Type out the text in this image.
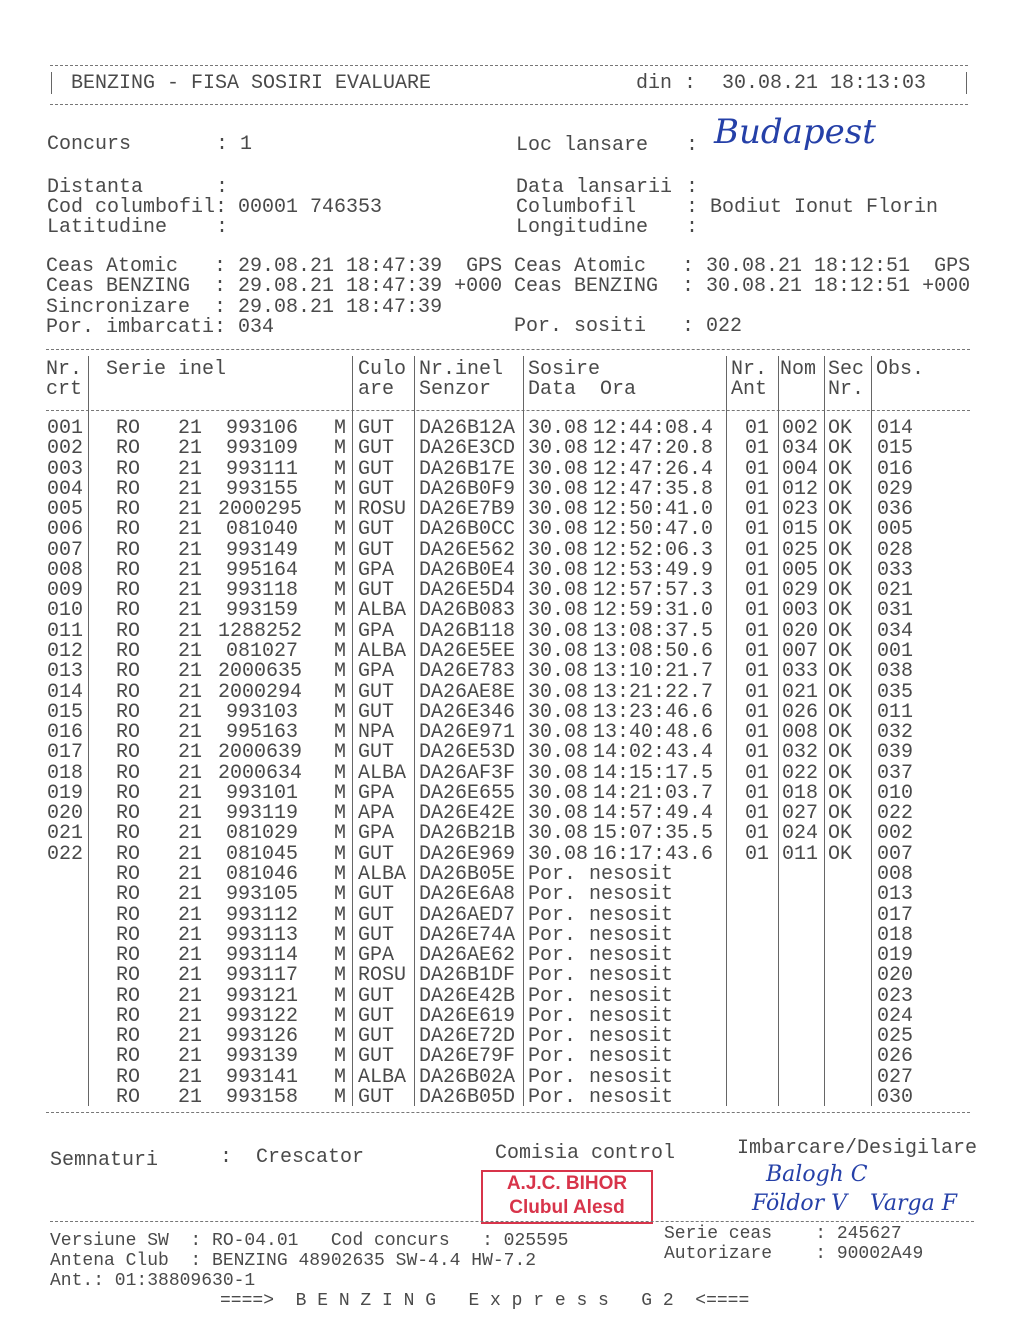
BENZING - FISA SOSIRI EVALUARE	din : 30.08.21 18:13:03
Concurs	: 1	Loc lansare : Budapest
Distanta	:
Cod columbofil: 00001 746353
Latitudine :
Data lansarii :
Columbofil : Bodiut Ionut Florin
Longitudine :
Ceas Atomic   : 29.08.21 18:47:39  GPS
Ceas BENZING  : 29.08.21 18:47:39 +000
Sincronizare  : 29.08.21 18:47:39
Por. imbarcati: 034
Ceas Atomic   : 30.08.21 18:12:51  GPS
Ceas BENZING  : 30.08.21 18:12:51 +000
Por. sositi   : 022
Nr.
crt
Serie inel	Culo
are
Nr.inel
Senzor
Sosire
Data  Ora
Nr.
Ant
Nom Sec
Nr.
Obs.
001 RO 21	993106	M GUT DA26B12A 30.08 12:44:08.4 01 002 OK 014
002 RO 21	993109	M GUT DA26E3CD 30.08 12:47:20.8 01 034 OK 015
003 RO 21	993111	M GUT DA26B17E 30.08 12:47:26.4 01 004 OK 016
004 RO 21	993155	M GUT DA26B0F9 30.08 12:47:35.8 01 012 OK 029
005 RO 21 2000295	M ROSU DA26E7B9 30.08 12:50:41.0 01 023 OK 036
006 RO 21	081040	M GUT DA26B0CC 30.08 12:50:47.0 01 015 OK 005
007 RO 21	993149	M GUT DA26E562 30.08 12:52:06.3 01 025 OK 028
008 RO 21	995164	M GPA DA26B0E4 30.08 12:53:49.9 01 005 OK 033
009 RO 21	993118	M GUT DA26E5D4 30.08 12:57:57.3 01 029 OK 021
010 RO 21	993159	M ALBA DA26B083 30.08 12:59:31.0 01 003 OK 031
011 RO 21 1288252	M GPA DA26B118 30.08 13:08:37.5 01 020 OK 034
012 RO 21	081027	M ALBA DA26E5EE 30.08 13:08:50.6 01 007 OK 001
013 RO 21 2000635	M GPA DA26E783 30.08 13:10:21.7 01 033 OK 038
014 RO 21 2000294	M GUT DA26AE8E 30.08 13:21:22.7 01 021 OK 035
015 RO 21	993103	M GUT DA26E346 30.08 13:23:46.6 01 026 OK 011
016 RO 21	995163	M NPA DA26E971 30.08 13:40:48.6 01 008 OK 032
017 RO 21 2000639	M GUT DA26E53D 30.08 14:02:43.4 01 032 OK 039
018 RO 21 2000634	M ALBA DA26AF3F 30.08 14:15:17.5 01 022 OK 037
019 RO 21	993101	M GPA DA26E655 30.08 14:21:03.7 01 018 OK 010
020 RO 21	993119	M APA DA26E42E 30.08 14:57:49.4 01 027 OK 022
021 RO 21	081029	M GPA DA26B21B 30.08 15:07:35.5 01 024 OK 002
022 RO 21	081045	M GUT DA26E969 30.08 16:17:43.6 01 011 OK 007
RO 21	081046	M ALBA DA26B05E Por. nesosit	008
RO 21	993105	M GUT DA26E6A8 Por. nesosit	013
RO 21	993112	M GUT DA26AED7 Por. nesosit	017
RO 21	993113	M GUT DA26E74A Por. nesosit	018
RO 21	993114	M GPA DA26AE62 Por. nesosit	019
RO 21	993117	M ROSU DA26B1DF Por. nesosit	020
RO 21	993121	M GUT DA26E42B Por. nesosit	023
RO 21	993122	M GUT DA26E619 Por. nesosit	024
RO 21	993126	M GUT DA26E72D Por. nesosit	025
RO 21	993139	M GUT DA26E79F Por. nesosit	026
RO 21	993141	M ALBA DA26B02A Por. nesosit	027
RO 21	993158	M GUT DA26B05D Por. nesosit	030
Semnaturi	:  Crescator	Comisia control	Imbarcare/Desigilare
Balogh C
Földor V Varga F
A.J.C. BIHOR
Clubul Alesd
Versiune SW  : RO-04.01   Cod concurs   : 025595
Antena Club  : BENZING 48902635 SW-4.4 HW-7.2
Ant.: 01:38809630-1
Serie ceas    : 245627
Autorizare    : 90002A49
====>  B E N Z I N G   E x p r e s s   G 2  <====
